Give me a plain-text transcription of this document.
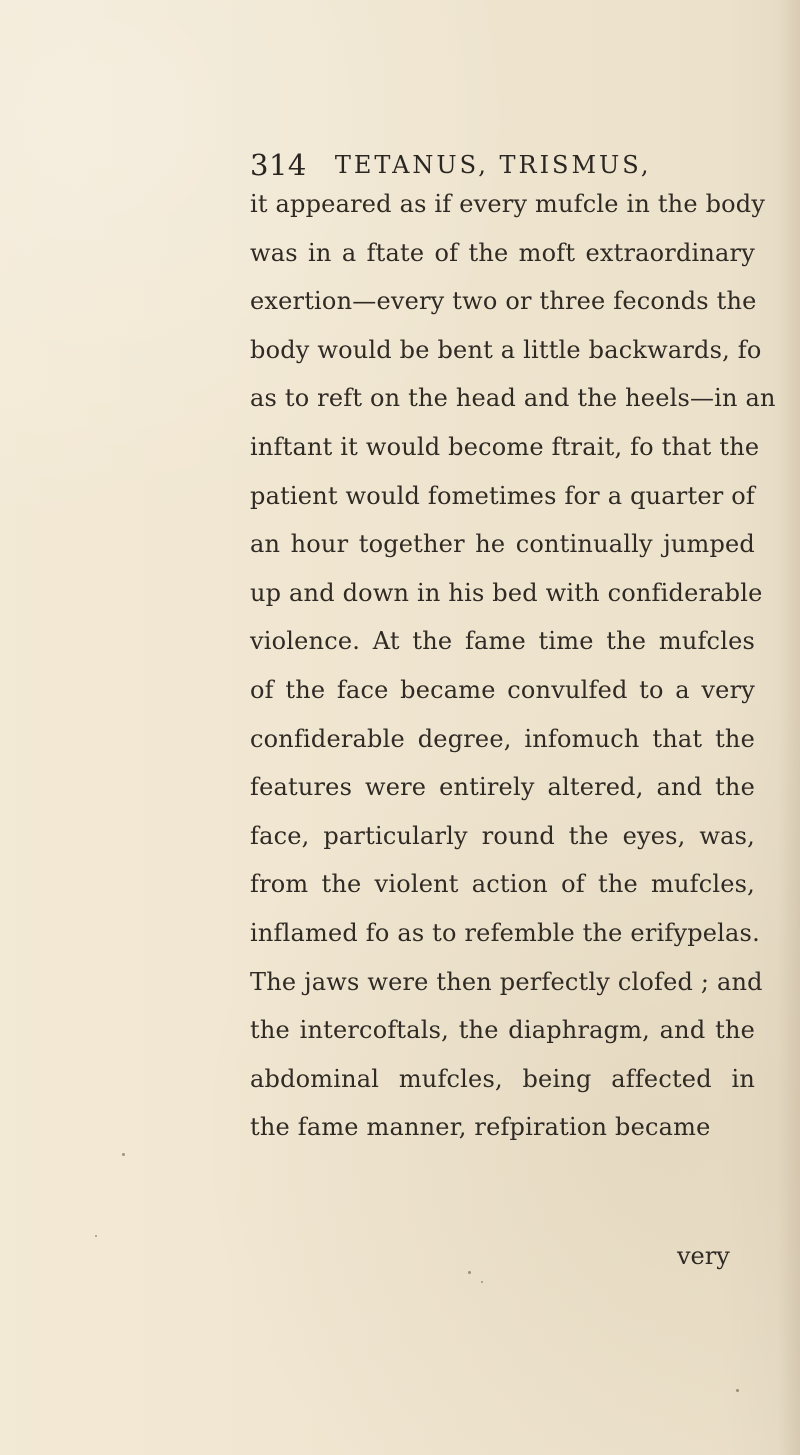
314 TETANUS, TRISMUS,
it appeared as if every mufcle in the body
was in a ftate of the moft extraordinary
exertion—every two or three feconds the
body would be bent a little backwards, fo
as to reft on the head and the heels—in an
inftant it would become ftrait, fo that the
patient would fometimes for a quarter of
an hour together he continually jumped
up and down in his bed with confiderable
violence. At the fame time the mufcles
of the face became convulfed to a very
confiderable degree, infomuch that the
features were entirely altered, and the
face, particularly round the eyes, was,
from the violent action of the mufcles,
inflamed fo as to refemble the erifypelas.
The jaws were then perfectly clofed ; and
the intercoftals, the diaphragm, and the
abdominal mufcles, being affected in
the fame manner, refpiration became
very
